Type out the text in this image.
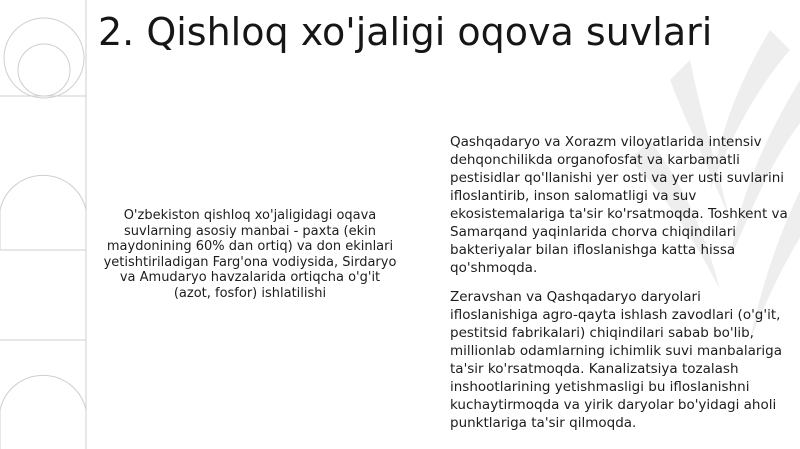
2. Qishloq xo'jaligi oqova suvlari
O'zbekiston qishloq xo'jaligidagi oqava suvlarning asosiy manbai - paxta (ekin maydonining 60% dan ortiq) va don ekinlari yetishtiriladigan Farg'ona vodiysida, Sirdaryo va Amudaryo havzalarida ortiqcha o'g'it (azot, fosfor) ishlatilishi

Qashqadaryo va Xorazm viloyatlarida intensiv dehqonchilikda organofosfat va karbamatli pestisidlar qo'llanishi yer osti va yer usti suvlarini ifloslantirib, inson salomatligi va suv ekosistemalariga ta'sir ko'rsatmoqda. Toshkent va Samarqand yaqinlarida chorva chiqindilari bakteriyalar bilan ifloslanishga katta hissa qo'shmoqda.

Zeravshan va Qashqadaryo daryolari ifloslanishiga agro-qayta ishlash zavodlari (o'g'it, pestitsid fabrikalari) chiqindilari sabab bo'lib, millionlab odamlarning ichimlik suvi manbalariga ta'sir ko'rsatmoqda. Kanalizatsiya tozalash inshootlarining yetishmasligi bu ifloslanishni kuchaytirmoqda va yirik daryolar bo'yidagi aholi punktlariga ta'sir qilmoqda.
